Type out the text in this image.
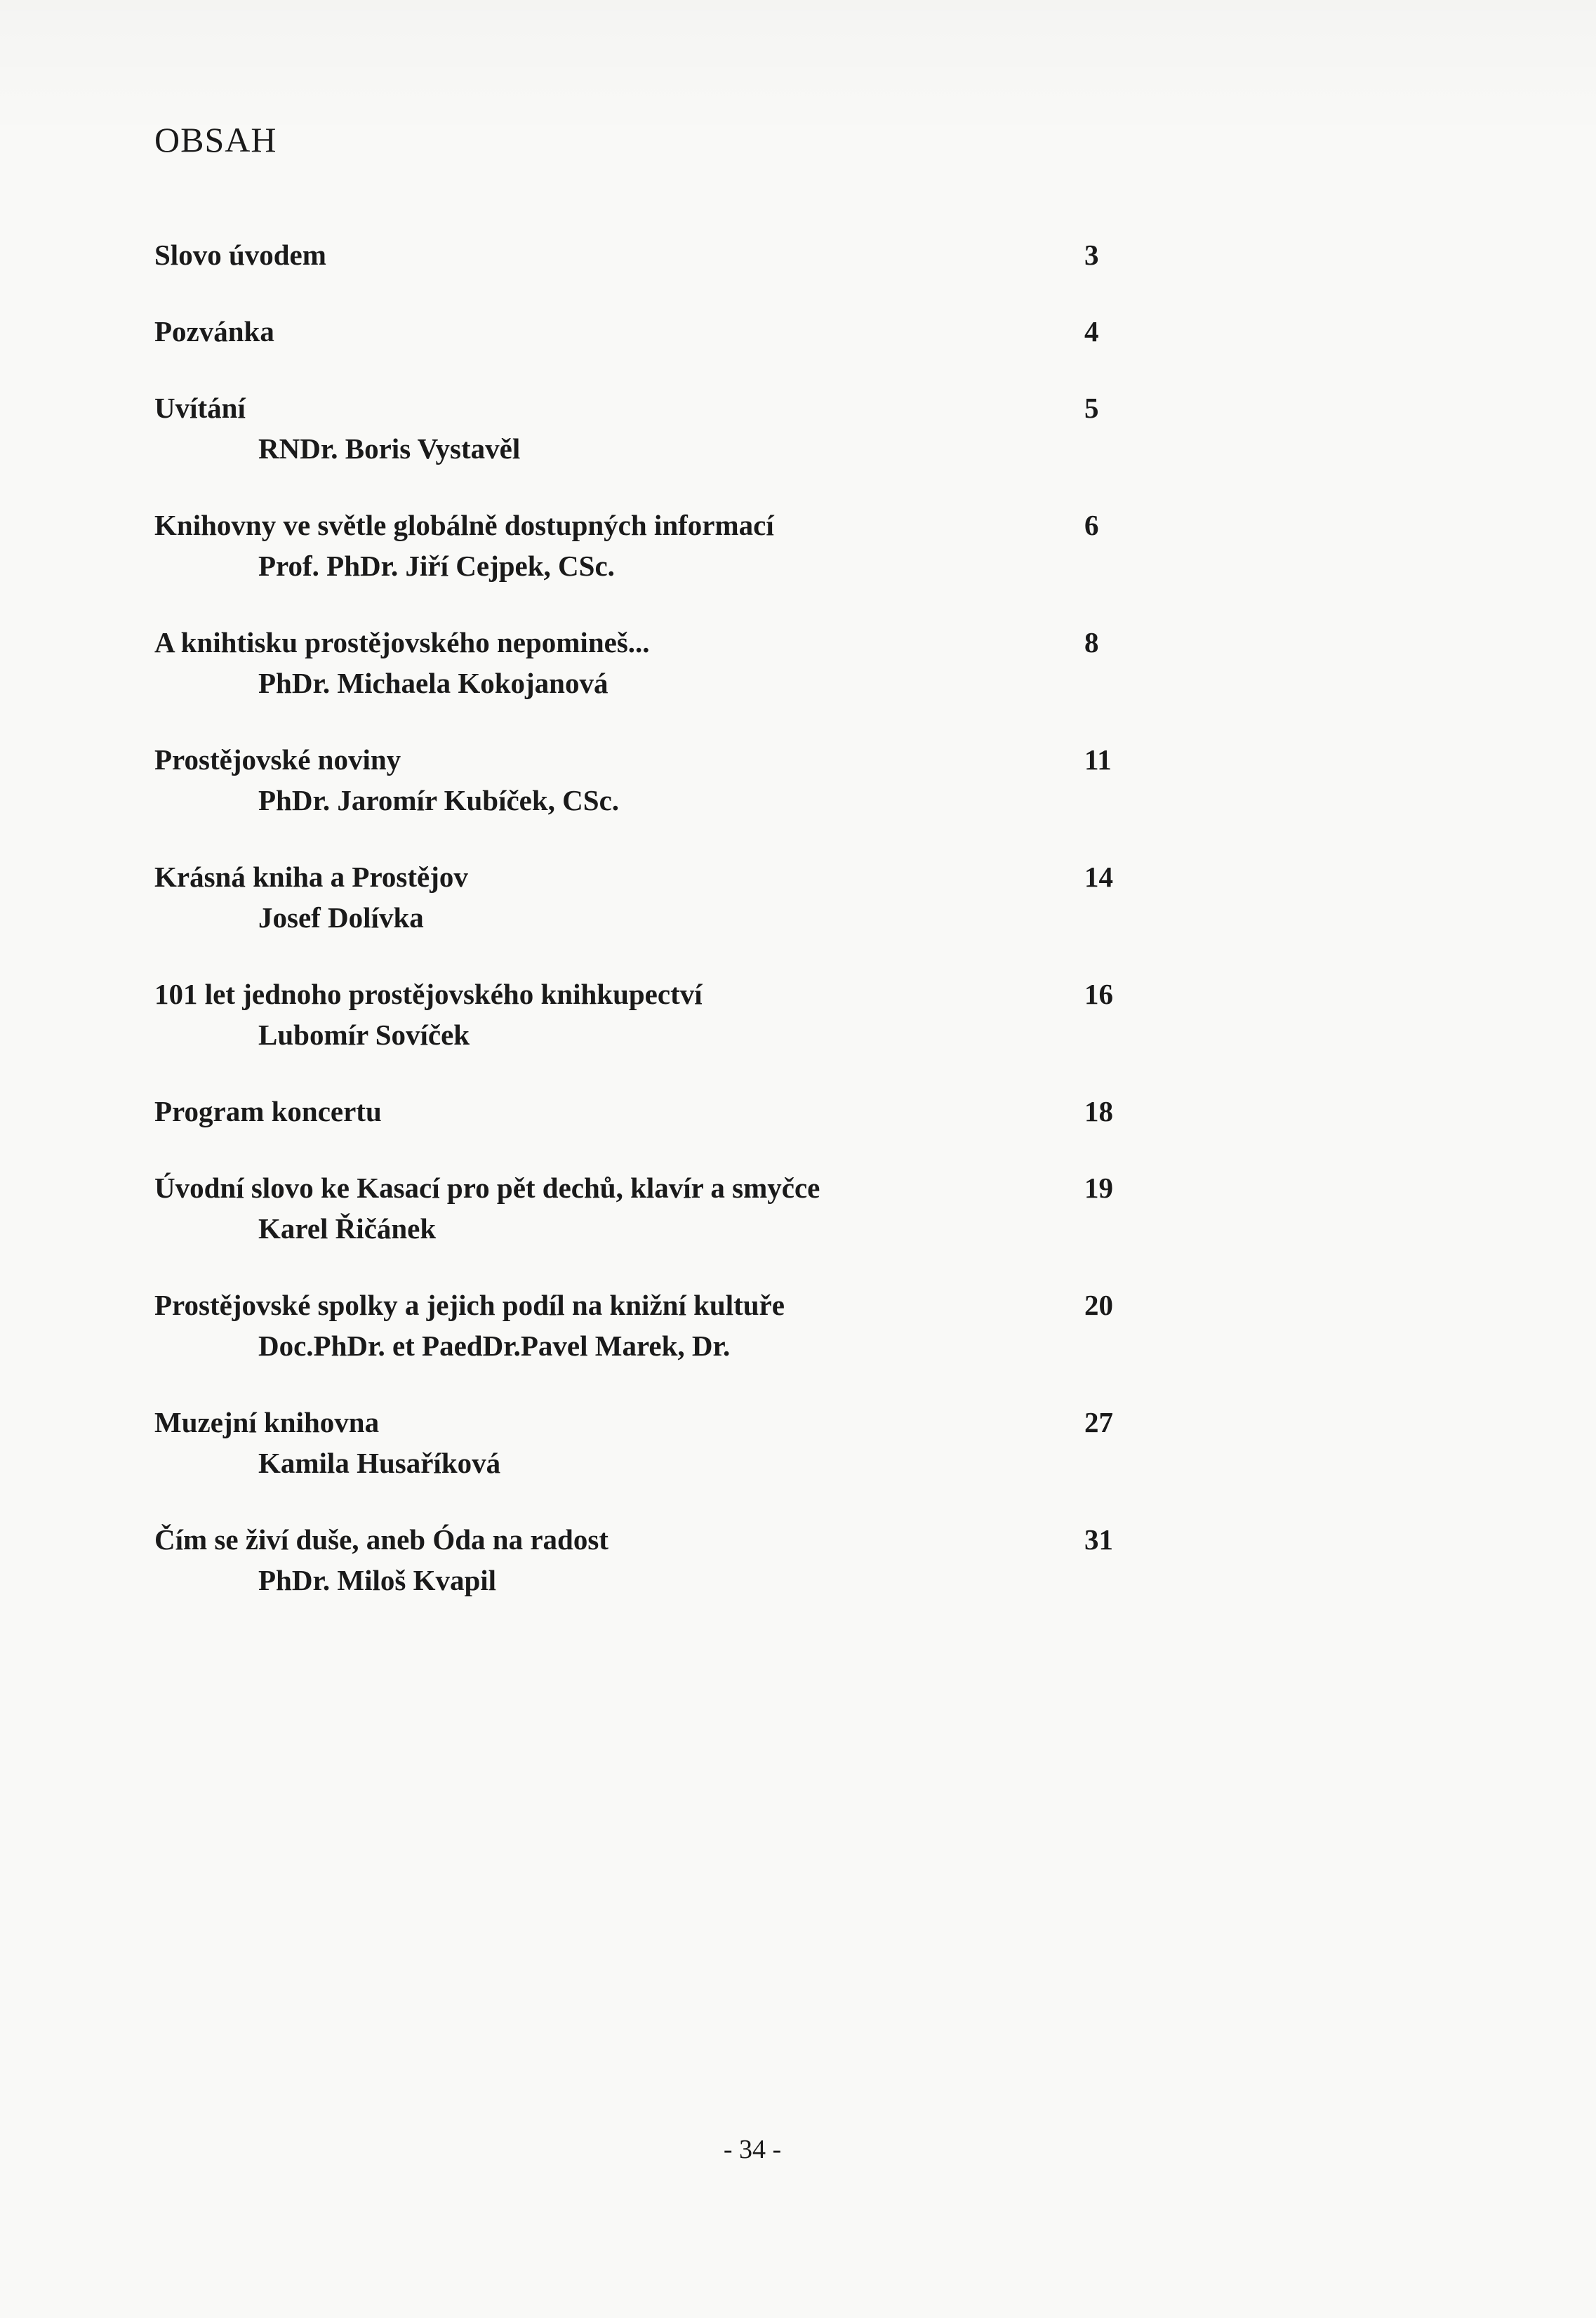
OBSAH
Slovo úvodem	3
Pozvánka	4
Uvítání	5
RNDr. Boris Vystavěl
Knihovny ve světle globálně dostupných informací	6
Prof. PhDr. Jiří Cejpek, CSc.
A knihtisku prostějovského nepomineš...	8
PhDr. Michaela Kokojanová
Prostějovské noviny	11
PhDr. Jaromír Kubíček, CSc.
Krásná kniha a Prostějov	14
Josef Dolívka
101 let jednoho prostějovského knihkupectví	16
Lubomír Sovíček
Program koncertu	18
Úvodní slovo ke Kasací pro pět dechů, klavír a smyčce	19
Karel Řičánek
Prostějovské spolky a jejich podíl na knižní kultuře	20
Doc.PhDr. et PaedDr.Pavel Marek, Dr.
Muzejní knihovna	27
Kamila Husaříková
Čím se živí duše, aneb Óda na radost	31
PhDr. Miloš Kvapil
- 34 -
